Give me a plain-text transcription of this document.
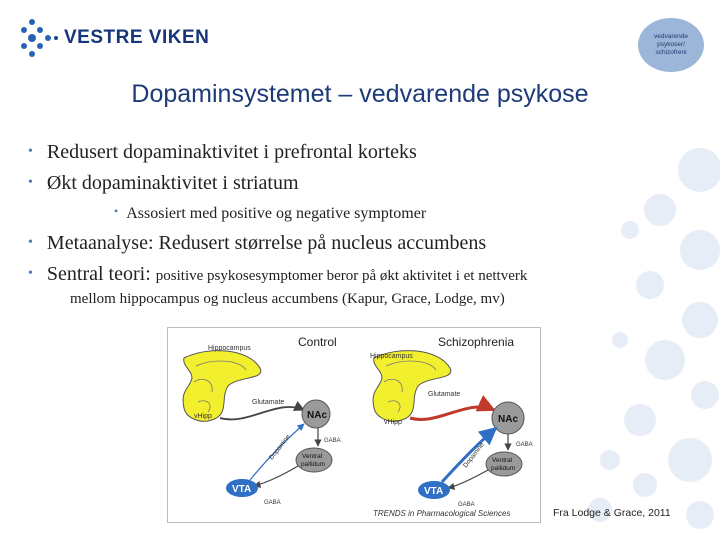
VESTRE VIKEN	vedvarende psykoser/ schizofreni
Dopaminsystemet – vedvarende psykose
• Redusert dopaminaktivitet i prefrontal korteks
• Økt dopaminaktivitet i striatum
• Assosiert med positive og negative symptomer
• Metaanalyse: Redusert størrelse på nucleus accumbens
• Sentral teori: positive psykosesymptomer beror på økt aktivitet i et nettverk
mellom hippocampus og nucleus accumbens (Kapur, Grace, Lodge, mv)
Control	Schizophrenia
Hippocampus
vHipp
Glutamate
NAc
GABA
Ventral
pallidum
VTA
Dopamine
GABA
Hippocampus
vHipp
Glutamate
NAc
GABA
Ventral
pallidum
VTA
Dopamine
GABA
TRENDS in Pharmacological Sciences	Fra Lodge & Grace, 2011
